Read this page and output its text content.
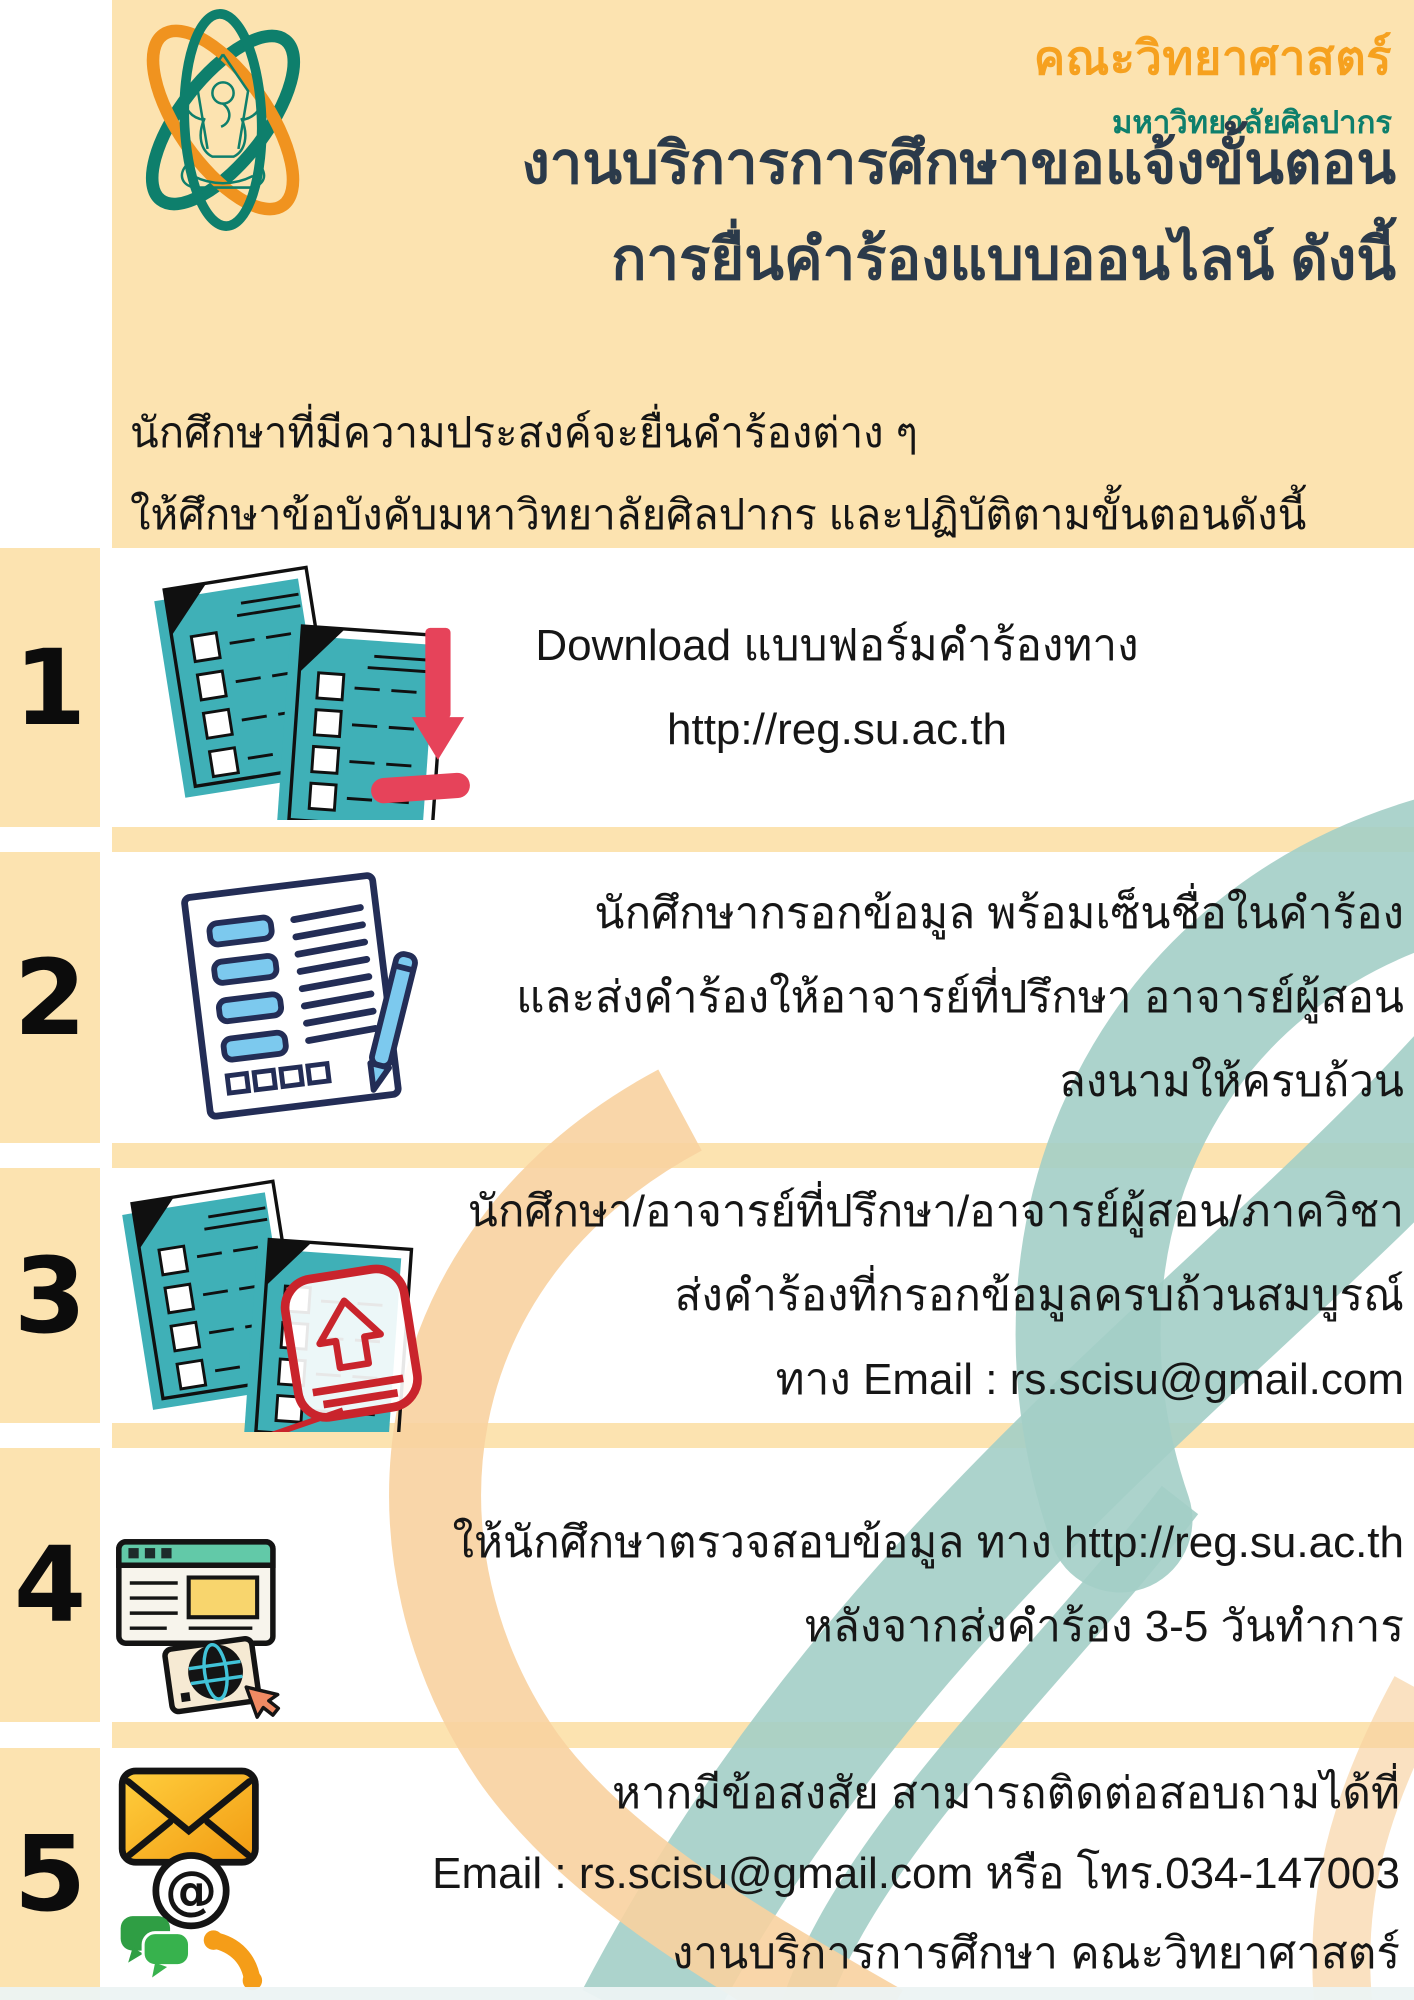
คณะวิทยาศาสตร์
มหาวิทยาลัยศิลปากร
งานบริการการศึกษาขอแจ้งขั้นตอน
การยื่นคำร้องแบบออนไลน์ ดังนี้
นักศึกษาที่มีความประสงค์จะยื่นคำร้องต่าง ๆ
ให้ศึกษาข้อบังคับมหาวิทยาลัยศิลปากร และปฏิบัติตามขั้นตอนดังนี้
1	Download แบบฟอร์มคำร้องทาง
http://reg.su.ac.th
2
นักศึกษากรอกข้อมูล พร้อมเซ็นชื่อในคำร้อง
และส่งคำร้องให้อาจารย์ที่ปรึกษา อาจารย์ผู้สอน
ลงนามให้ครบถ้วน
3
นักศึกษา/อาจารย์ที่ปรึกษา/อาจารย์ผู้สอน/ภาควิชา
ส่งคำร้องที่กรอกข้อมูลครบถ้วนสมบูรณ์
ทาง Email : rs.scisu@gmail.com
4	ให้นักศึกษาตรวจสอบข้อมูล ทาง http://reg.su.ac.th
หลังจากส่งคำร้อง 3-5 วันทำการ
5 @
หากมีข้อสงสัย สามารถติดต่อสอบถามได้ที่
Email : rs.scisu@gmail.com หรือ โทร.034-147003
งานบริการการศึกษา คณะวิทยาศาสตร์
